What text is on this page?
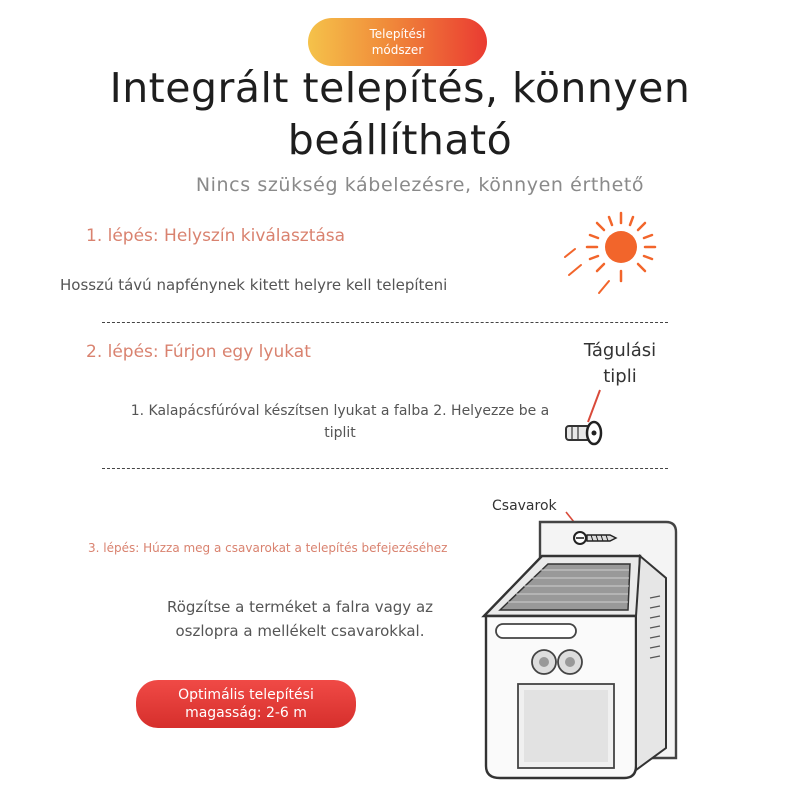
Telepítési módszer
Integrált telepítés, könnyen beállítható
Nincs szükség kábelezésre, könnyen érthető
1. lépés: Helyszín kiválasztása
Hosszú távú napfénynek kitett helyre kell telepíteni
2. lépés: Fúrjon egy lyukat
1. Kalapácsfúróval készítsen lyukat a falba 2. Helyezze be a tiplit
Tágulási tipli
3. lépés: Húzza meg a csavarokat a telepítés befejezéséhez
Rögzítse a terméket a falra vagy az oszlopra a mellékelt csavarokkal.
Csavarok
Optimális telepítési magasság: 2-6 m
